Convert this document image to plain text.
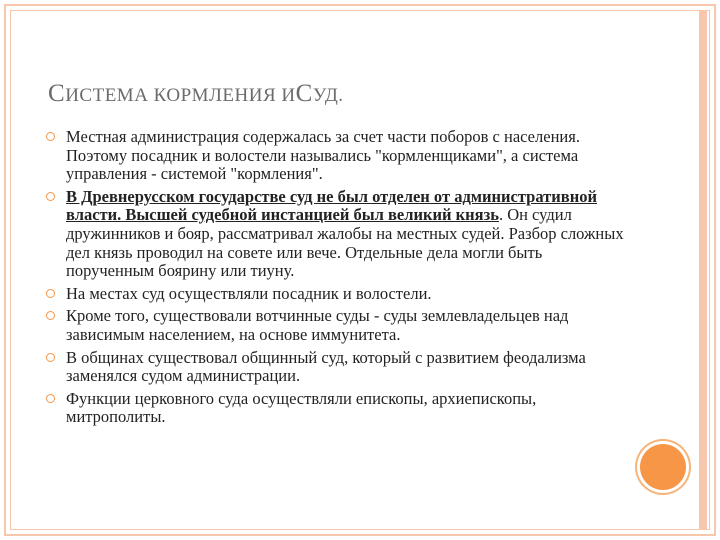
СИСТЕМА КОРМЛЕНИЯ ИСУД.
Местная администрация содержалась за счет части поборов с населения. Поэтому посадник и волостели назывались "кормленщиками", а система управления - системой "кормления".
В Древнерусском государстве суд не был отделен от административной власти. Высшей судебной инстанцией был великий князь. Он судил дружинников и бояр, рассматривал жалобы на местных судей. Разбор сложных дел князь проводил на совете или вече. Отдельные дела могли быть порученным боярину или тиуну.
На местах суд осуществляли посадник и волостели.
Кроме того, существовали вотчинные суды - суды землевладельцев над зависимым населением, на основе иммунитета.
В общинах существовал общинный суд, который с развитием феодализма заменялся судом администрации.
Функции церковного суда осуществляли епископы, архиепископы, митрополиты.
